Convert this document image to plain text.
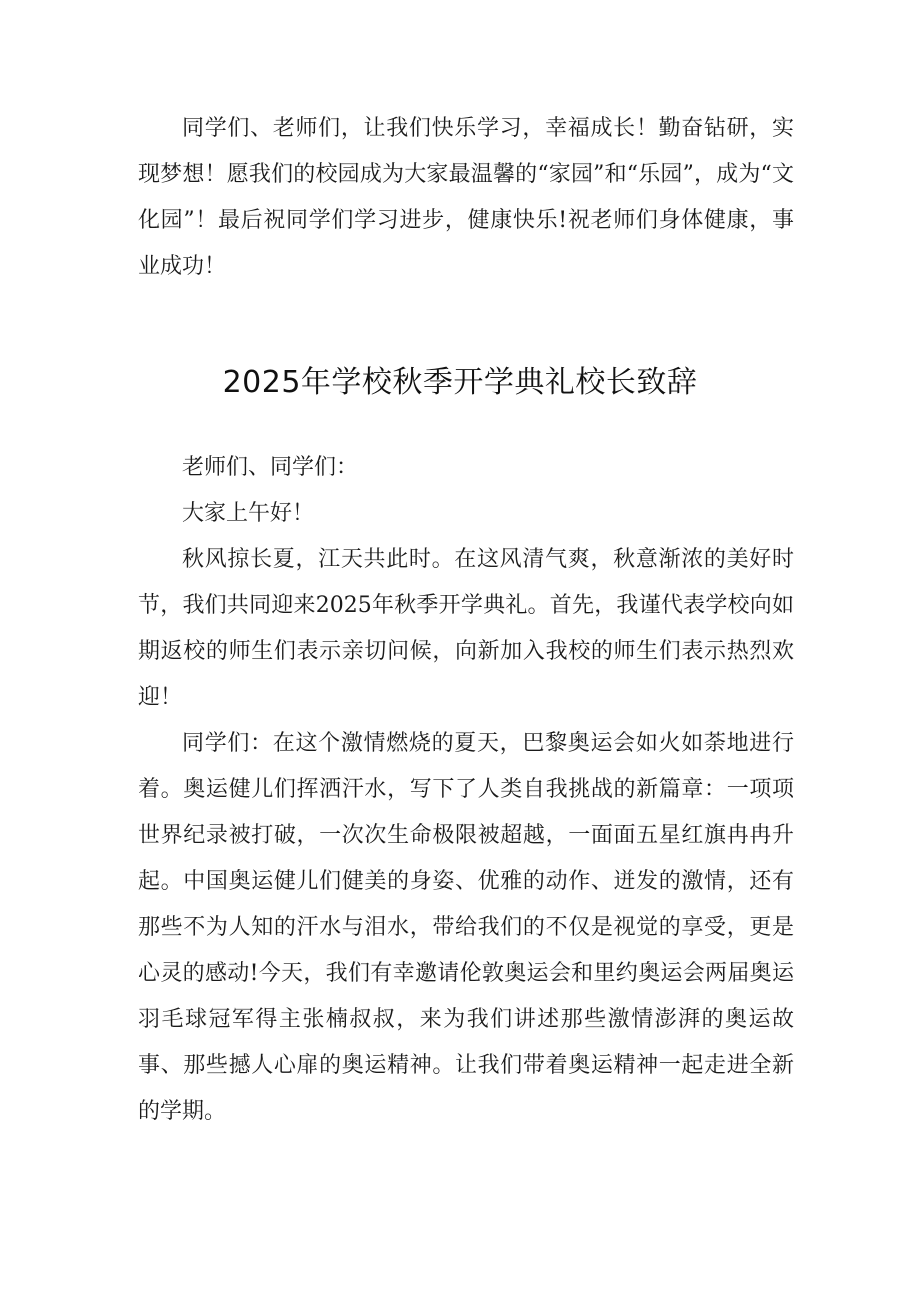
同学们、老师们，让我们快乐学习，幸福成长！勤奋钻研，实现梦想！愿我们的校园成为大家最温馨的“家园”和“乐园”，成为“文化园”！最后祝同学们学习进步，健康快乐!祝老师们身体健康，事业成功！

2025年学校秋季开学典礼校长致辞

老师们、同学们：

大家上午好！

秋风掠长夏，江天共此时。在这风清气爽，秋意渐浓的美好时节，我们共同迎来2025年秋季开学典礼。首先，我谨代表学校向如期返校的师生们表示亲切问候，向新加入我校的师生们表示热烈欢迎！

同学们：在这个激情燃烧的夏天，巴黎奥运会如火如荼地进行着。奥运健儿们挥洒汗水，写下了人类自我挑战的新篇章：一项项世界纪录被打破，一次次生命极限被超越，一面面五星红旗冉冉升起。中国奥运健儿们健美的身姿、优雅的动作、迸发的激情，还有那些不为人知的汗水与泪水，带给我们的不仅是视觉的享受，更是心灵的感动!今天，我们有幸邀请伦敦奥运会和里约奥运会两届奥运羽毛球冠军得主张楠叔叔，来为我们讲述那些激情澎湃的奥运故事、那些撼人心扉的奥运精神。让我们带着奥运精神一起走进全新的学期。
